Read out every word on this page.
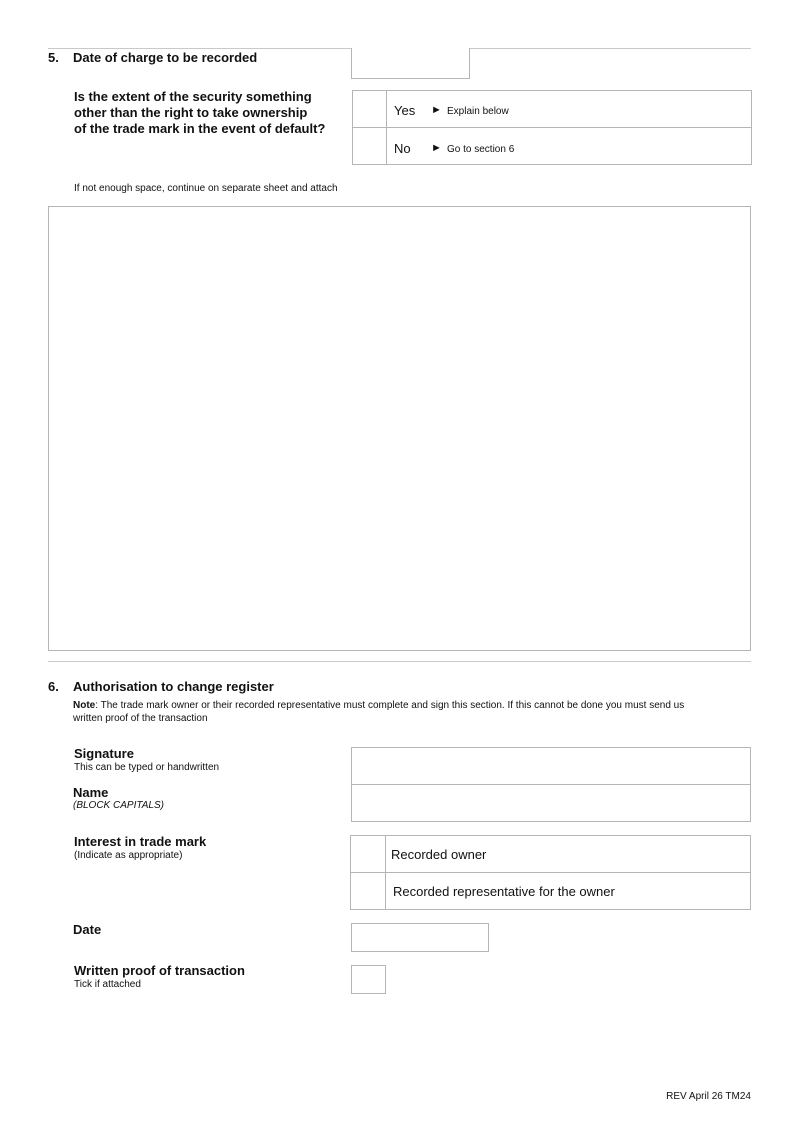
5. Date of charge to be recorded
Is the extent of the security something
other than the right to take ownership
of the trade mark in the event of default?
Yes ► Explain below
No ► Go to section 6
If not enough space, continue on separate sheet and attach
6. Authorisation to change register
Note: The trade mark owner or their recorded representative must complete and sign this section. If this cannot be done you must send us
written proof of the transaction
Signature
This can be typed or handwritten
Name
(BLOCK CAPITALS)
Interest in trade mark
(Indicate as appropriate)	Recorded owner
Recorded representative for the owner
Date
Written proof of transaction
Tick if attached
REV April 26 TM24
